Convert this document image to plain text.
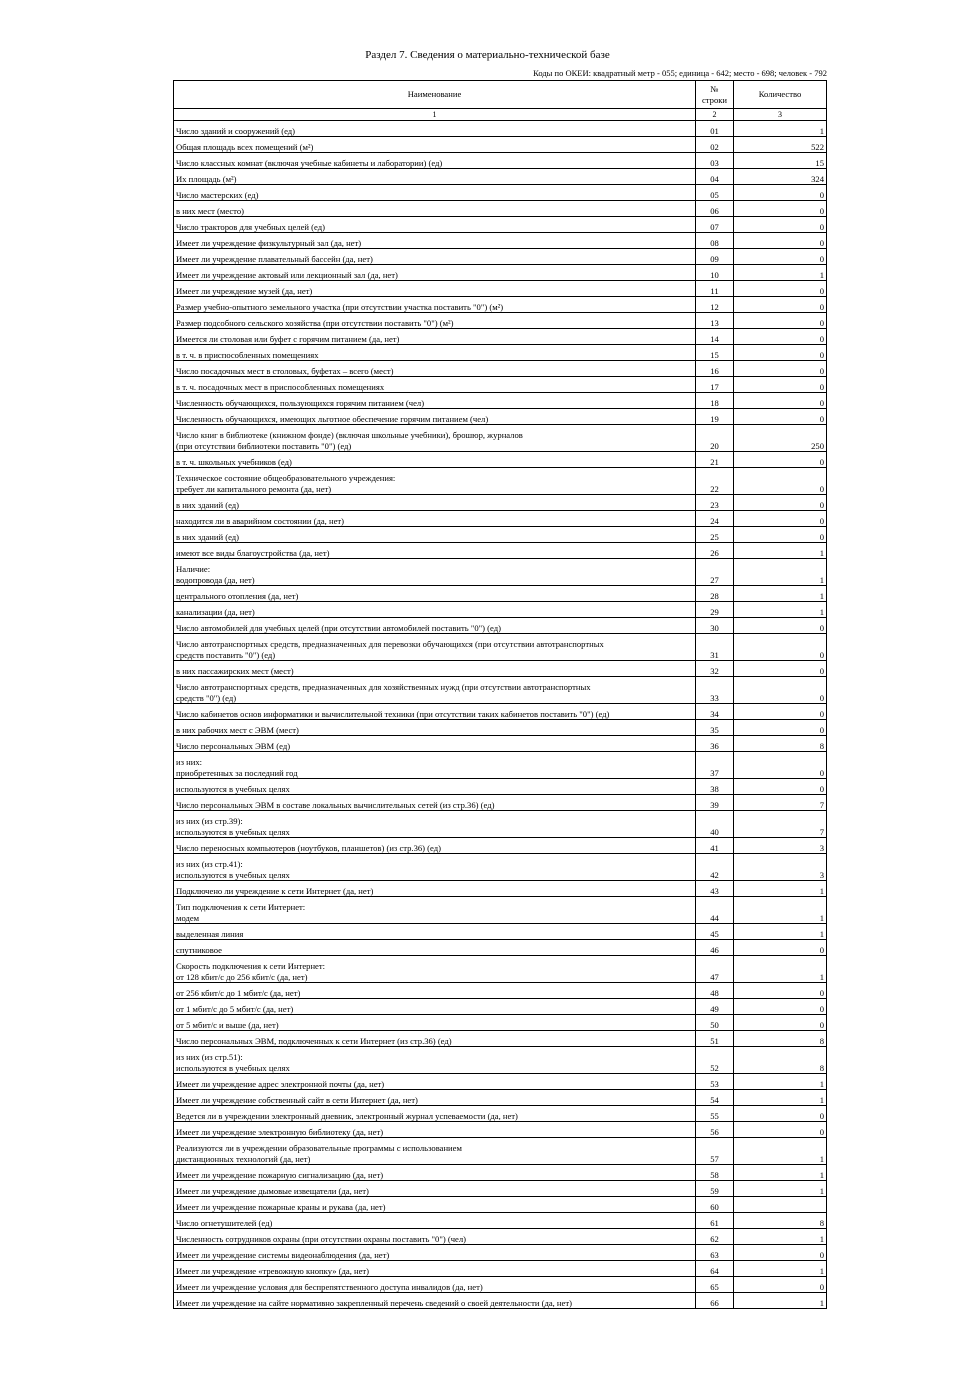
Раздел 7. Сведения о материально-технической базе
Коды по ОКЕИ: квадратный метр - 055; единица - 642; место - 698; человек - 792
Наименование	№ строки	Количество
1	2	3
Число зданий и сооружений (ед)	01	1
Общая площадь всех помещений (м²)	02	522
Число классных комнат (включая учебные кабинеты и лаборатории) (ед)	03	15
Их площадь (м²)	04	324
Число мастерских (ед)	05	0
в них мест (место)	06	0
Число тракторов для учебных целей (ед)	07	0
Имеет ли учреждение физкультурный зал (да, нет)	08	0
Имеет ли учреждение плавательный бассейн (да, нет)	09	0
Имеет ли учреждение актовый или лекционный зал (да, нет)	10	1
Имеет ли учреждение музей (да, нет)	11	0
Размер учебно-опытного земельного участка (при отсутствии участка поставить "0") (м²)	12	0
Размер подсобного сельского хозяйства (при отсутствии поставить "0") (м²)	13	0
Имеется ли столовая или буфет с горячим питанием (да, нет)	14	0
в т. ч. в приспособленных помещениях	15	0
Число посадочных мест в столовых, буфетах – всего (мест)	16	0
в т. ч. посадочных мест в приспособленных помещениях	17	0
Численность обучающихся, пользующихся горячим питанием (чел)	18	0
Численность обучающихся, имеющих льготное обеспечение горячим питанием (чел)	19	0
Число книг в библиотеке (книжном фонде) (включая школьные учебники), брошюр, журналов
(при отсутствии библиотеки поставить "0") (ед)	20	250
в т. ч. школьных учебников (ед)	21	0
Техническое состояние общеобразовательного учреждения:
требует ли капитального ремонта (да, нет)	22	0
в них зданий (ед)	23	0
находится ли в аварийном состоянии (да, нет)	24	0
в них зданий (ед)	25	0
имеют все виды благоустройства (да, нет)	26	1
Наличие:
водопровода (да, нет)	27	1
центрального отопления (да, нет)	28	1
канализации (да, нет)	29	1
Число автомобилей для учебных целей (при отсутствии автомобилей поставить "0") (ед)	30	0
Число автотранспортных средств, предназначенных для перевозки обучающихся (при отсутствии автотранспортных
средств поставить "0") (ед)	31	0
в них пассажирских мест (мест)	32	0
Число автотранспортных средств, предназначенных для хозяйственных нужд (при отсутствии автотранспортных
средств "0") (ед)	33	0
Число кабинетов основ информатики и вычислительной техники (при отсутствии таких кабинетов поставить "0") (ед)	34	0
в них рабочих мест с ЭВМ (мест)	35	0
Число персональных ЭВМ (ед)	36	8
из них:
приобретенных за последний год	37	0
используются в учебных целях	38	0
Число персональных ЭВМ в составе локальных вычислительных сетей (из стр.36) (ед)	39	7
из них (из стр.39):
используются в учебных целях	40	7
Число переносных компьютеров (ноутбуков, планшетов) (из стр.36) (ед)	41	3
из них (из стр.41):
используются в учебных целях	42	3
Подключено ли учреждение к сети Интернет (да, нет)	43	1
Тип подключения к сети Интернет:
модем	44	1
выделенная линия	45	1
спутниковое	46	0
Скорость подключения к сети Интернет:
от 128 кбит/с до 256 кбит/с (да, нет)	47	1
от 256 кбит/с до 1 мбит/с (да, нет)	48	0
от 1 мбит/с до 5 мбит/с (да, нет)	49	0
от 5 мбит/с и выше (да, нет)	50	0
Число персональных ЭВМ, подключенных к сети Интернет (из стр.36) (ед)	51	8
из них (из стр.51):
используются в учебных целях	52	8
Имеет ли учреждение адрес электронной почты (да, нет)	53	1
Имеет ли учреждение собственный сайт в сети Интернет (да, нет)	54	1
Ведется ли в учреждении электронный дневник, электронный журнал успеваемости (да, нет)	55	0
Имеет ли учреждение электронную библиотеку (да, нет)	56	0
Реализуются ли в учреждении образовательные программы с использованием
дистанционных технологий (да, нет)	57	1
Имеет ли учреждение пожарную сигнализацию (да, нет)	58	1
Имеет ли учреждение дымовые извещатели (да, нет)	59	1
Имеет ли учреждение пожарные краны и рукава (да, нет)	60	
Число огнетушителей (ед)	61	8
Численность сотрудников охраны (при отсутствии охраны поставить "0") (чел)	62	1
Имеет ли учреждение системы видеонаблюдения (да, нет)	63	0
Имеет ли учреждение «тревожную кнопку» (да, нет)	64	1
Имеет ли учреждение условия для беспрепятственного доступа инвалидов (да, нет)	65	0
Имеет ли учреждение на сайте нормативно закрепленный перечень сведений о своей деятельности (да, нет)	66	1
